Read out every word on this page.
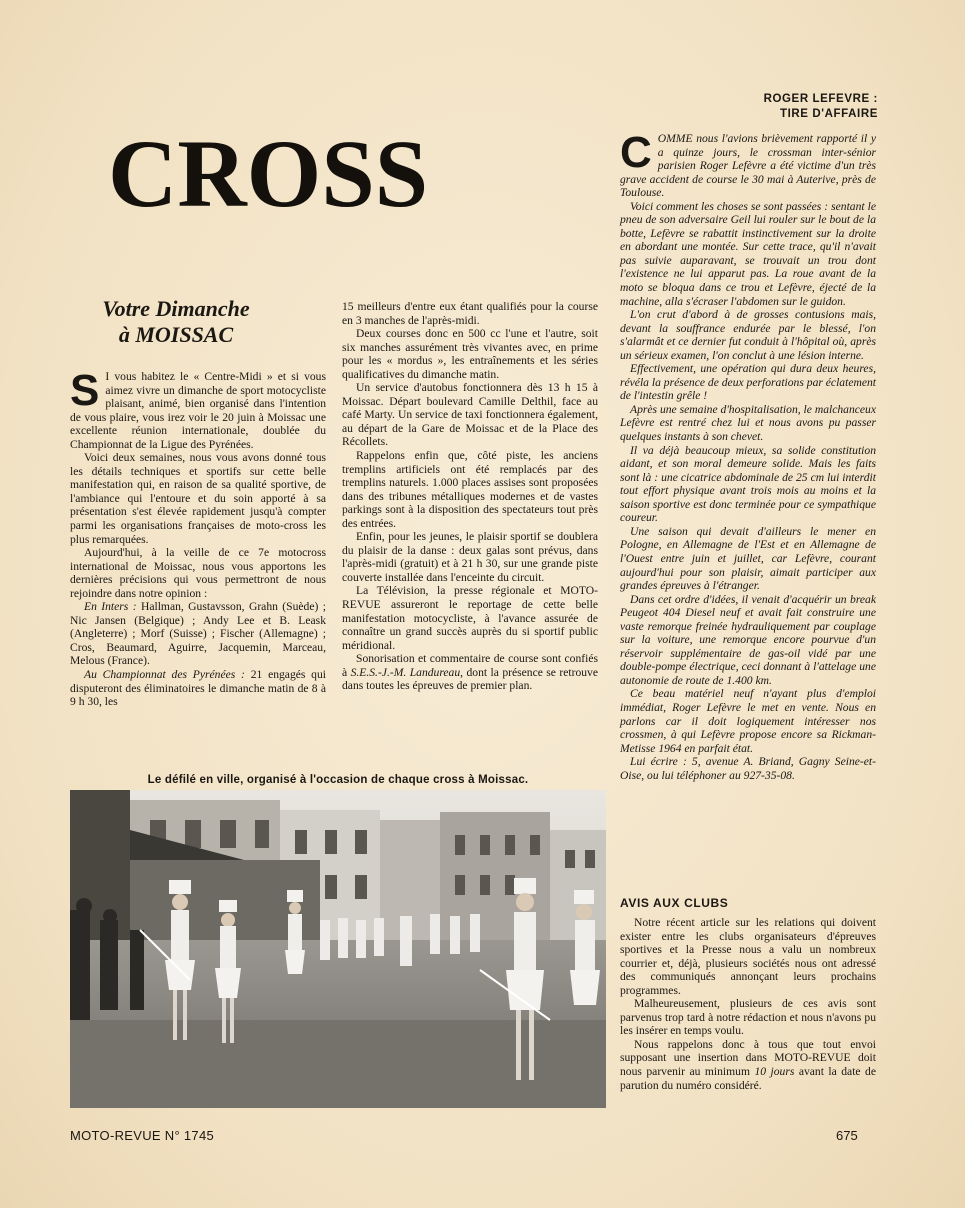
CROSS
Votre Dimanche
à MOISSAC

S I vous habitez le « Centre-Midi » et si vous aimez vivre un dimanche de sport motocycliste plaisant, animé, bien organisé dans l'intention de vous plaire, vous irez voir le 20 juin à Moissac une excellente réunion internationale, doublée du Championnat de la Ligue des Pyrénées.

Voici deux semaines, nous vous avons donné tous les détails techniques et sportifs sur cette belle manifestation qui, en raison de sa qualité sportive, de l'ambiance qui l'entoure et du soin apporté à sa présentation s'est élevée rapidement jusqu'à compter parmi les organisations françaises de moto-cross les plus remarquées.

Aujourd'hui, à la veille de ce 7e motocross international de Moissac, nous vous apportons les dernières précisions qui vous permettront de nous rejoindre dans notre opinion :

En Inters : Hallman, Gustavsson, Grahn (Suède) ; Nic Jansen (Belgique) ; Andy Lee et B. Leask (Angleterre) ; Morf (Suisse) ; Fischer (Allemagne) ; Cros, Beaumard, Aguirre, Jacquemin, Marceau, Melous (France).

Au Championnat des Pyrénées : 21 engagés qui disputeront des éliminatoires le dimanche matin de 8 à 9 h 30, les

15 meilleurs d'entre eux étant qualifiés pour la course en 3 manches de l'après-midi.

Deux courses donc en 500 cc l'une et l'autre, soit six manches assurément très vivantes avec, en prime pour les « mordus », les entraînements et les séries qualificatives du dimanche matin.

Un service d'autobus fonctionnera dès 13 h 15 à Moissac. Départ boulevard Camille Delthil, face au café Marty. Un service de taxi fonctionnera également, au départ de la Gare de Moissac et de la Place des Récollets.

Rappelons enfin que, côté piste, les anciens tremplins artificiels ont été remplacés par des tremplins naturels. 1.000 places assises sont proposées dans des tribunes métalliques modernes et de vastes parkings sont à la disposition des spectateurs tout près des entrées.

Enfin, pour les jeunes, le plaisir sportif se doublera du plaisir de la danse : deux galas sont prévus, dans l'après-midi (gratuit) et à 21 h 30, sur une grande piste couverte installée dans l'enceinte du circuit.

La Télévision, la presse régionale et MOTO-REVUE assureront le reportage de cette belle manifestation motocycliste, à l'avance assurée de connaître un grand succès auprès du si sportif public méridional.

Sonorisation et commentaire de course sont confiés à S.E.S.-J.-M. Landureau, dont la présence se retrouve dans toutes les épreuves de premier plan.

ROGER LEFEVRE :
TIRE D'AFFAIRE

COMME nous l'avions brièvement rapporté il y a quinze jours, le crossman inter-sénior parisien Roger Lefèvre a été victime d'un très grave accident de course le 30 mai à Auterive, près de Toulouse.

Voici comment les choses se sont passées : sentant le pneu de son adversaire Geil lui rouler sur le bout de la botte, Lefèvre se rabattit instinctivement sur la droite en abordant une montée. Sur cette trace, qu'il n'avait pas suivie auparavant, se trouvait un trou dont l'existence ne lui apparut pas. La roue avant de la moto se bloqua dans ce trou et Lefèvre, éjecté de la machine, alla s'écraser l'abdomen sur le guidon.

L'on crut d'abord à de grosses contusions mais, devant la souffrance endurée par le blessé, l'on s'alarmât et ce dernier fut conduit à l'hôpital où, après un sérieux examen, l'on conclut à une lésion interne.

Effectivement, une opération qui dura deux heures, révéla la présence de deux perforations par éclatement de l'intestin grêle !

Après une semaine d'hospitalisation, le malchanceux Lefèvre est rentré chez lui et nous avons pu passer quelques instants à son chevet.

Il va déjà beaucoup mieux, sa solide constitution aidant, et son moral demeure solide. Mais les faits sont là : une cicatrice abdominale de 25 cm lui interdit tout effort physique avant trois mois au moins et la saison sportive est donc terminée pour ce sympathique coureur.

Une saison qui devait d'ailleurs le mener en Pologne, en Allemagne de l'Est et en Allemagne de l'Ouest entre juin et juillet, car Lefèvre, courant aujourd'hui pour son plaisir, aimait participer aux grandes épreuves à l'étranger.

Dans cet ordre d'idées, il venait d'acquérir un break Peugeot 404 Diesel neuf et avait fait construire une vaste remorque freinée hydrauliquement par couplage sur la voiture, une remorque encore pourvue d'un réservoir supplémentaire de gas-oil vidé par une double-pompe électrique, ceci donnant à l'attelage une autonomie de route de 1.400 km.

Ce beau matériel neuf n'ayant plus d'emploi immédiat, Roger Lefèvre le met en vente. Nous en parlons car il doit logiquement intéresser nos crossmen, à qui Lefèvre propose encore sa Rickman-Metisse 1964 en parfait état.

Lui écrire : 5, avenue A. Briand, Gagny Seine-et-Oise, ou lui téléphoner au 927-35-08.

AVIS AUX CLUBS

Notre récent article sur les relations qui doivent exister entre les clubs organisateurs d'épreuves sportives et la Presse nous a valu un nombreux courrier et, déjà, plusieurs sociétés nous ont adressé des communiqués annonçant leurs prochains programmes.

Malheureusement, plusieurs de ces avis sont parvenus trop tard à notre rédaction et nous n'avons pu les insérer en temps voulu.

Nous rappelons donc à tous que tout envoi supposant une insertion dans MOTO-REVUE doit nous parvenir au minimum 10 jours avant la date de parution du numéro considéré.

Le défilé en ville, organisé à l'occasion de chaque cross à Moissac.
MOTO-REVUE N° 1745	675
